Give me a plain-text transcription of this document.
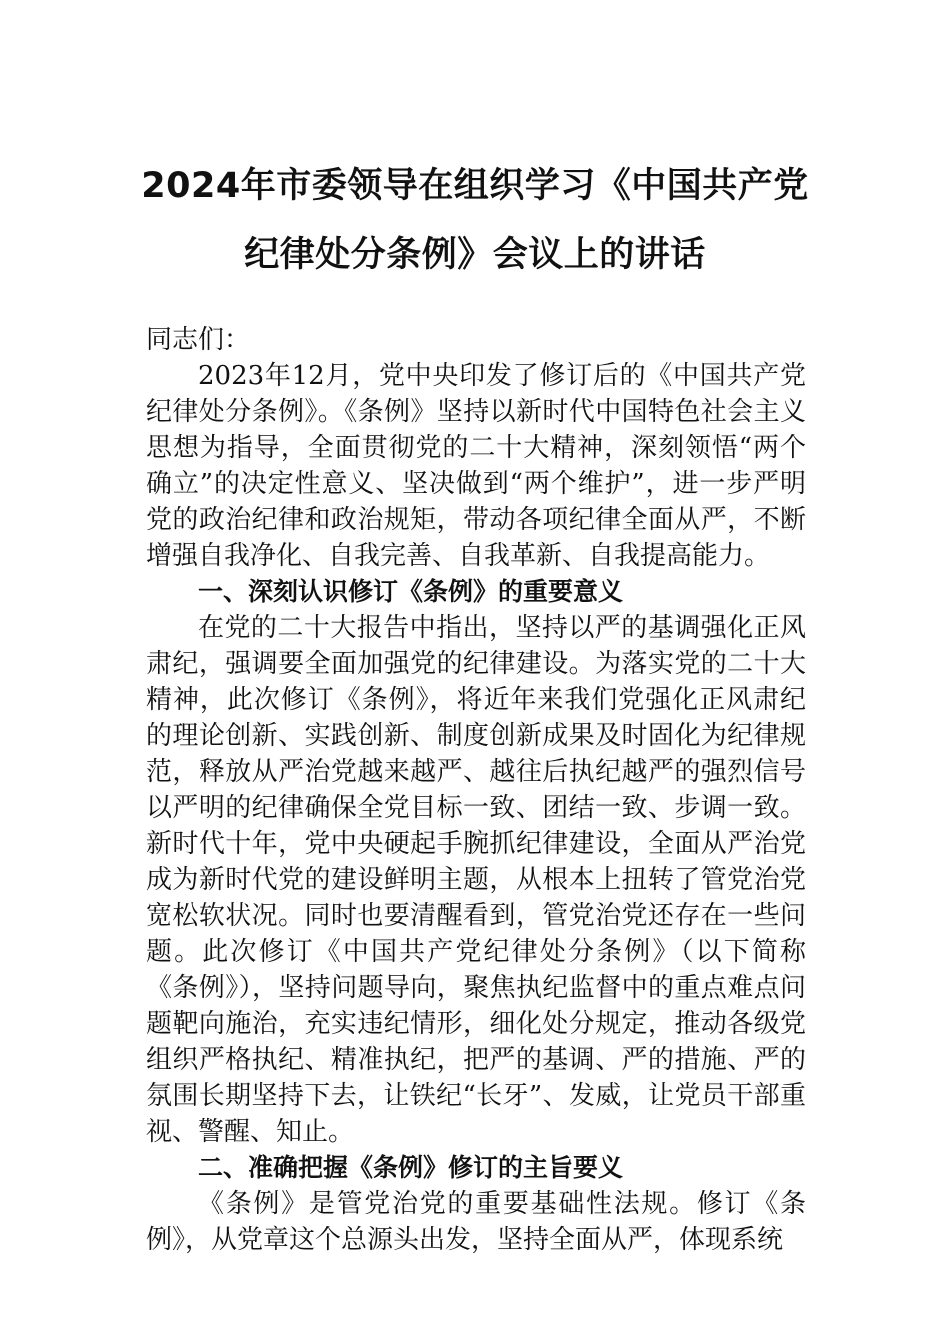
2024年市委领导在组织学习《中国共产党
纪律处分条例》会议上的讲话

同志们：

2023年12月，党中央印发了修订后的《中国共产党纪律处分条例》。《条例》坚持以新时代中国特色社会主义思想为指导，全面贯彻党的二十大精神，深刻领悟“两个确立”的决定性意义、坚决做到“两个维护”，进一步严明党的政治纪律和政治规矩，带动各项纪律全面从严，不断增强自我净化、自我完善、自我革新、自我提高能力。

一、深刻认识修订《条例》的重要意义

在党的二十大报告中指出，坚持以严的基调强化正风肃纪，强调要全面加强党的纪律建设。为落实党的二十大精神，此次修订《条例》，将近年来我们党强化正风肃纪的理论创新、实践创新、制度创新成果及时固化为纪律规范，释放从严治党越来越严、越往后执纪越严的强烈信号以严明的纪律确保全党目标一致、团结一致、步调一致。新时代十年，党中央硬起手腕抓纪律建设，全面从严治党成为新时代党的建设鲜明主题，从根本上扭转了管党治党宽松软状况。同时也要清醒看到，管党治党还存在一些问题。此次修订《中国共产党纪律处分条例》（以下简称《条例》），坚持问题导向，聚焦执纪监督中的重点难点问题靶向施治，充实违纪情形，细化处分规定，推动各级党组织严格执纪、精准执纪，把严的基调、严的措施、严的氛围长期坚持下去，让铁纪“长牙”、发威，让党员干部重视、警醒、知止。

二、准确把握《条例》修订的主旨要义

《条例》是管党治党的重要基础性法规。修订《条例》，从党章这个总源头出发，坚持全面从严，体现系统
